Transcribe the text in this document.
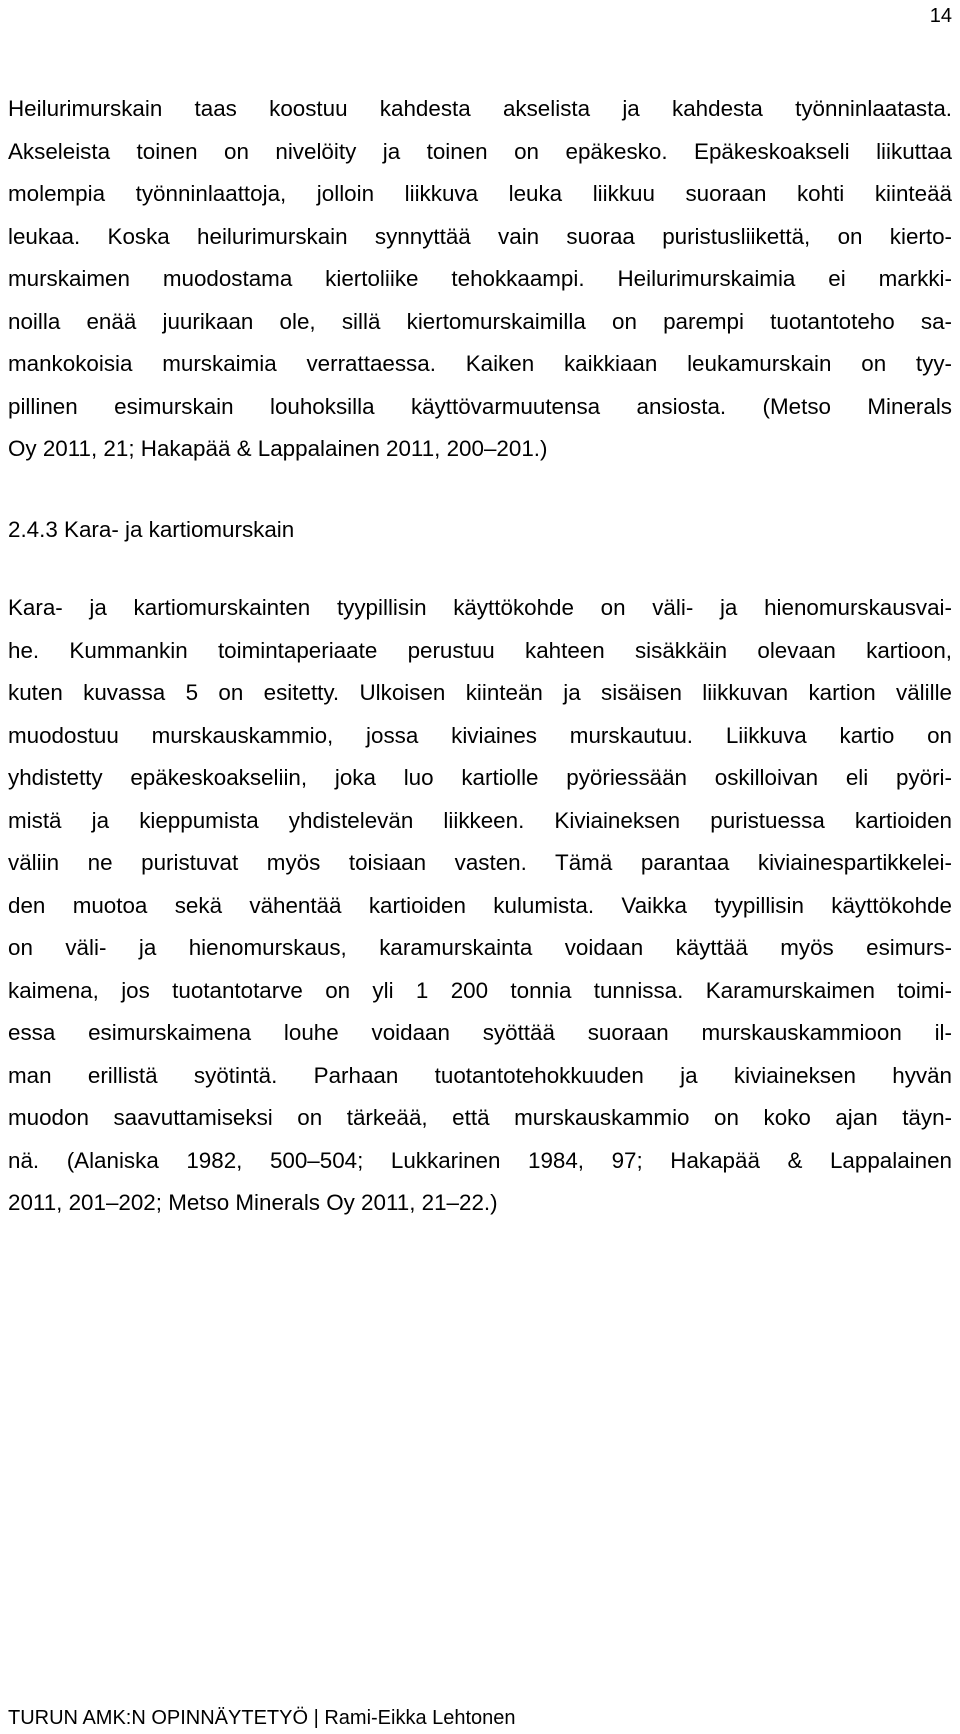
14

Heilurimurskain taas koostuu kahdesta akselista ja kahdesta työnninlaatasta.
Akseleista toinen on nivelöity ja toinen on epäkesko. Epäkeskoakseli liikuttaa
molempia työnninlaattoja, jolloin liikkuva leuka liikkuu suoraan kohti kiinteää
leukaa. Koska heilurimurskain synnyttää vain suoraa puristusliikettä, on kierto-
murskaimen muodostama kiertoliike tehokkaampi. Heilurimurskaimia ei markki-
noilla enää juurikaan ole, sillä kiertomurskaimilla on parempi tuotantoteho sa-
mankokoisia murskaimia verrattaessa. Kaiken kaikkiaan leukamurskain on tyy-
pillinen esimurskain louhoksilla käyttövarmuutensa ansiosta. (Metso Minerals
Oy 2011, 21; Hakapää & Lappalainen 2011, 200–201.)

2.4.3 Kara- ja kartiomurskain

Kara- ja kartiomurskainten tyypillisin käyttökohde on väli- ja hienomurskausvai-
he. Kummankin toimintaperiaate perustuu kahteen sisäkkäin olevaan kartioon,
kuten kuvassa 5 on esitetty. Ulkoisen kiinteän ja sisäisen liikkuvan kartion välille
muodostuu murskauskammio, jossa kiviaines murskautuu. Liikkuva kartio on
yhdistetty epäkeskoakseliin, joka luo kartiolle pyöriessään oskilloivan eli pyöri-
mistä ja kieppumista yhdistelevän liikkeen. Kiviaineksen puristuessa kartioiden
väliin ne puristuvat myös toisiaan vasten. Tämä parantaa kiviainespartikkelei-
den muotoa sekä vähentää kartioiden kulumista. Vaikka tyypillisin käyttökohde
on väli- ja hienomurskaus, karamurskainta voidaan käyttää myös esimurs-
kaimena, jos tuotantotarve on yli 1 200 tonnia tunnissa. Karamurskaimen toimi-
essa esimurskaimena louhe voidaan syöttää suoraan murskauskammioon il-
man erillistä syötintä. Parhaan tuotantotehokkuuden ja kiviaineksen hyvän
muodon saavuttamiseksi on tärkeää, että murskauskammio on koko ajan täyn-
nä. (Alaniska 1982, 500–504; Lukkarinen 1984, 97; Hakapää & Lappalainen
2011, 201–202; Metso Minerals Oy 2011, 21–22.)

TURUN AMK:N OPINNÄYTETYÖ | Rami-Eikka Lehtonen
